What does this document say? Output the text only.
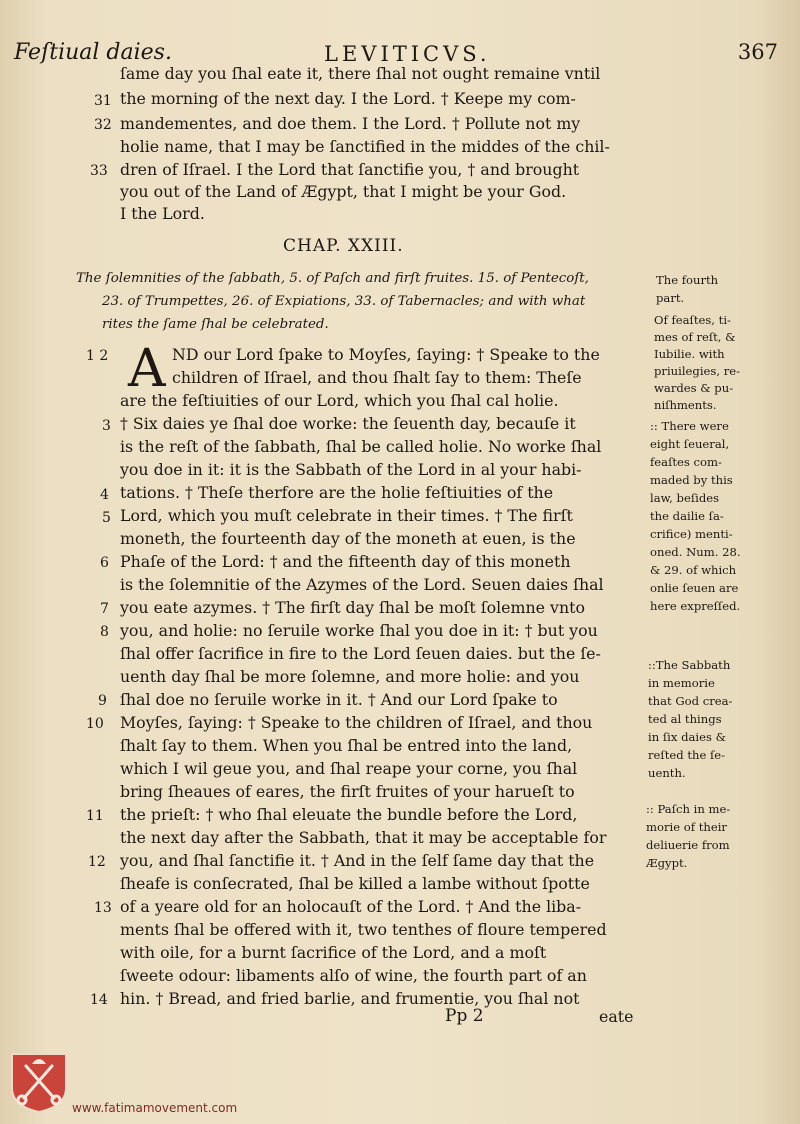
Feſtiual daies.	LEVITICVS.	367
ſame day you ſhal eate it, there ſhal not ought remaine vntil
the morning of the next day. I the Lord. † Keepe my com-
mandementes, and doe them. I the Lord. † Pollute not my
holie name, that I may be ſanctified in the middes of the chil-
dren of Iſrael. I the Lord that ſanctifie you, † and brought
you out of the Land of Ægypt, that I might be your God.
I the Lord.
31
32
33
CHAP. XXIII.
The ſolemnities of the ſabbath, 5. of Paſch and firſt fruites. 15. of Pentecoſt,
23. of Trumpettes, 26. of Expiations, 33. of Tabernacles; and with what
rites the ſame ſhal be celebrated.
A ND our Lord ſpake to Moyſes, ſaying: † Speake to the
children of Iſrael, and thou ſhalt ſay to them: Theſe
are the feſtiuities of our Lord, which you ſhal cal holie.
† Six daies ye ſhal doe worke: the ſeuenth day, becauſe it
is the reſt of the ſabbath, ſhal be called holie. No worke ſhal
you doe in it: it is the Sabbath of the Lord in al your habi-
tations. † Theſe therfore are the holie feſtiuities of the
Lord, which you muſt celebrate in their times. † The firſt
moneth, the fourteenth day of the moneth at euen, is the
Phaſe of the Lord: † and the fifteenth day of this moneth
is the ſolemnitie of the Azymes of the Lord. Seuen daies ſhal
you eate azymes. † The firſt day ſhal be moſt ſolemne vnto
you, and holie: no ſeruile worke ſhal you doe in it: † but you
ſhal offer ſacrifice in fire to the Lord ſeuen daies. but the ſe-
uenth day ſhal be more ſolemne, and more holie: and you
ſhal doe no ſeruile worke in it. † And our Lord ſpake to
Moyſes, ſaying: † Speake to the children of Iſrael, and thou
ſhalt ſay to them. When you ſhal be entred into the land,
which I wil geue you, and ſhal reape your corne, you ſhal
bring ſheaues of eares, the firſt fruites of your harueſt to
the prieſt: † who ſhal eleuate the bundle before the Lord,
the next day after the Sabbath, that it may be acceptable for
you, and ſhal ſanctifie it. † And in the ſelf ſame day that the
ſheafe is conſecrated, ſhal be killed a lambe without ſpotte
of a yeare old for an holocauſt of the Lord. † And the liba-
ments ſhal be offered with it, two tenthes of floure tempered
with oile, for a burnt ſacrifice of the Lord, and a moſt
ſweete odour: libaments alſo of wine, the fourth part of an
hin. † Bread, and fried barlie, and frumentie, you ſhal not
1 2
3
4
5
6
7
8
9
10
11
12
13
14
The fourth
part.
Of feaſtes, ti-
mes of reſt, &
Iubilie. with
priuilegies, re-
wardes & pu-
niſhments.
:: There were
eight ſeueral,
feaſtes com-
maded by this
law, beſides
the dailie ſa-
crifice) menti-
oned. Num. 28.
& 29. of which
onlie ſeuen are
here expreſſed.
::The Sabbath
in memorie
that God crea-
ted al things
in ſix daies &
reſted the ſe-
uenth.
:: Paſch in me-
morie of their
deliuerie from
Ægypt.
Pp 2	eate
www.fatimamovement.com
